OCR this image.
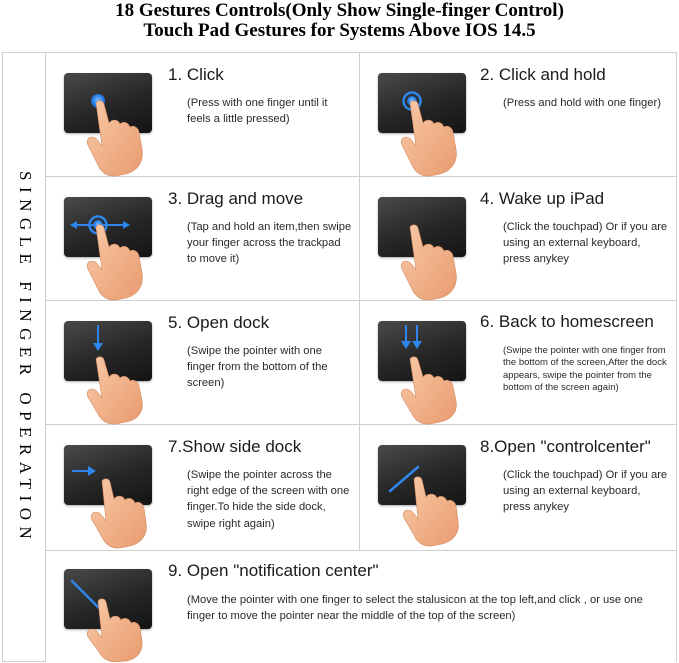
18 Gestures Controls(Only Show Single-finger Control)
Touch Pad Gestures for Systems Above IOS 14.5
SINGLE FINGER OPERATION
1. Click
(Press with one finger until it feels a little pressed)
2. Click and hold
(Press and hold with one finger)
3. Drag and move
(Tap and hold an item,then swipe your finger across the trackpad to move it)
4. Wake up iPad
(Click the touchpad) Or if you are using an external keyboard, press anykey
5. Open dock
(Swipe the pointer with one finger from the bottom of the screen)
6. Back to homescreen
(Swipe the pointer with one finger from the bottom of the screen,After the dock appears, swipe the pointer from the bottom of the screen again)
7.Show side dock
(Swipe the pointer across the right edge of the screen with one finger.To hide the side dock, swipe right again)
8.Open "controlcenter"
(Click the touchpad) Or if you are using an external keyboard, press anykey
9. Open "notification center"
(Move the pointer with one finger to select the stalusicon at the top left,and click , or use one finger to move the pointer near the middle of the top of the screen)
